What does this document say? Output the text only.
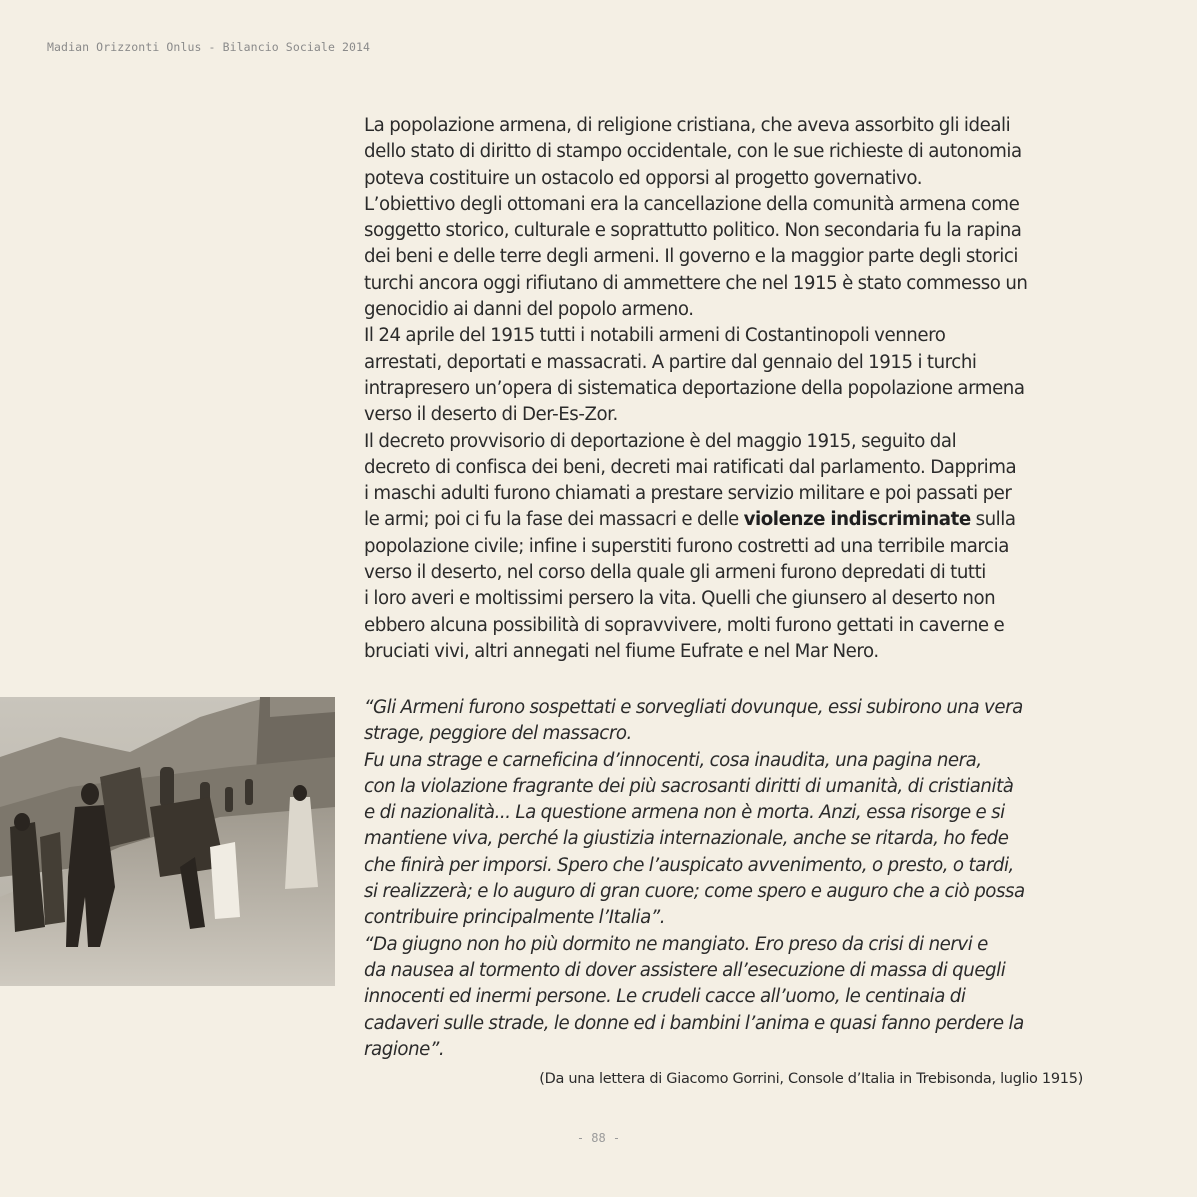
Madian Orizzonti Onlus - Bilancio Sociale 2014
La popolazione armena, di religione cristiana, che aveva assorbito gli ideali
dello stato di diritto di stampo occidentale, con le sue richieste di autonomia
poteva costituire un ostacolo ed opporsi al progetto governativo.
L’obiettivo degli ottomani era la cancellazione della comunità armena come
soggetto storico, culturale e soprattutto politico. Non secondaria fu la rapina
dei beni e delle terre degli armeni. Il governo e la maggior parte degli storici
turchi ancora oggi rifiutano di ammettere che nel 1915 è stato commesso un
genocidio ai danni del popolo armeno.
Il 24 aprile del 1915 tutti i notabili armeni di Costantinopoli vennero
arrestati, deportati e massacrati. A partire dal gennaio del 1915 i turchi
intrapresero un’opera di sistematica deportazione della popolazione armena
verso il deserto di Der-Es-Zor.
Il decreto provvisorio di deportazione è del maggio 1915, seguito dal
decreto di confisca dei beni, decreti mai ratificati dal parlamento. Dapprima
i maschi adulti furono chiamati a prestare servizio militare e poi passati per
le armi; poi ci fu la fase dei massacri e delle violenze indiscriminate sulla
popolazione civile; infine i superstiti furono costretti ad una terribile marcia
verso il deserto, nel corso della quale gli armeni furono depredati di tutti
i loro averi e moltissimi persero la vita. Quelli che giunsero al deserto non
ebbero alcuna possibilità di sopravvivere, molti furono gettati in caverne e
bruciati vivi, altri annegati nel fiume Eufrate e nel Mar Nero.
“Gli Armeni furono sospettati e sorvegliati dovunque, essi subirono una vera
strage, peggiore del massacro.
Fu una strage e carneficina d’innocenti, cosa inaudita, una pagina nera,
con la violazione fragrante dei più sacrosanti diritti di umanità, di cristianità
e di nazionalità... La questione armena non è morta. Anzi, essa risorge e si
mantiene viva, perché la giustizia internazionale, anche se ritarda, ho fede
che finirà per imporsi. Spero che l’auspicato avvenimento, o presto, o tardi,
si realizzerà; e lo auguro di gran cuore; come spero e auguro che a ciò possa
contribuire principalmente l’Italia”.
“Da giugno non ho più dormito ne mangiato. Ero preso da crisi di nervi e
da nausea al tormento di dover assistere all’esecuzione di massa di quegli
innocenti ed inermi persone. Le crudeli cacce all’uomo, le centinaia di
cadaveri sulle strade, le donne ed i bambini l’anima e quasi fanno perdere la
ragione”.
(Da una lettera di Giacomo Gorrini, Console d’Italia in Trebisonda, luglio 1915)
- 88 -
